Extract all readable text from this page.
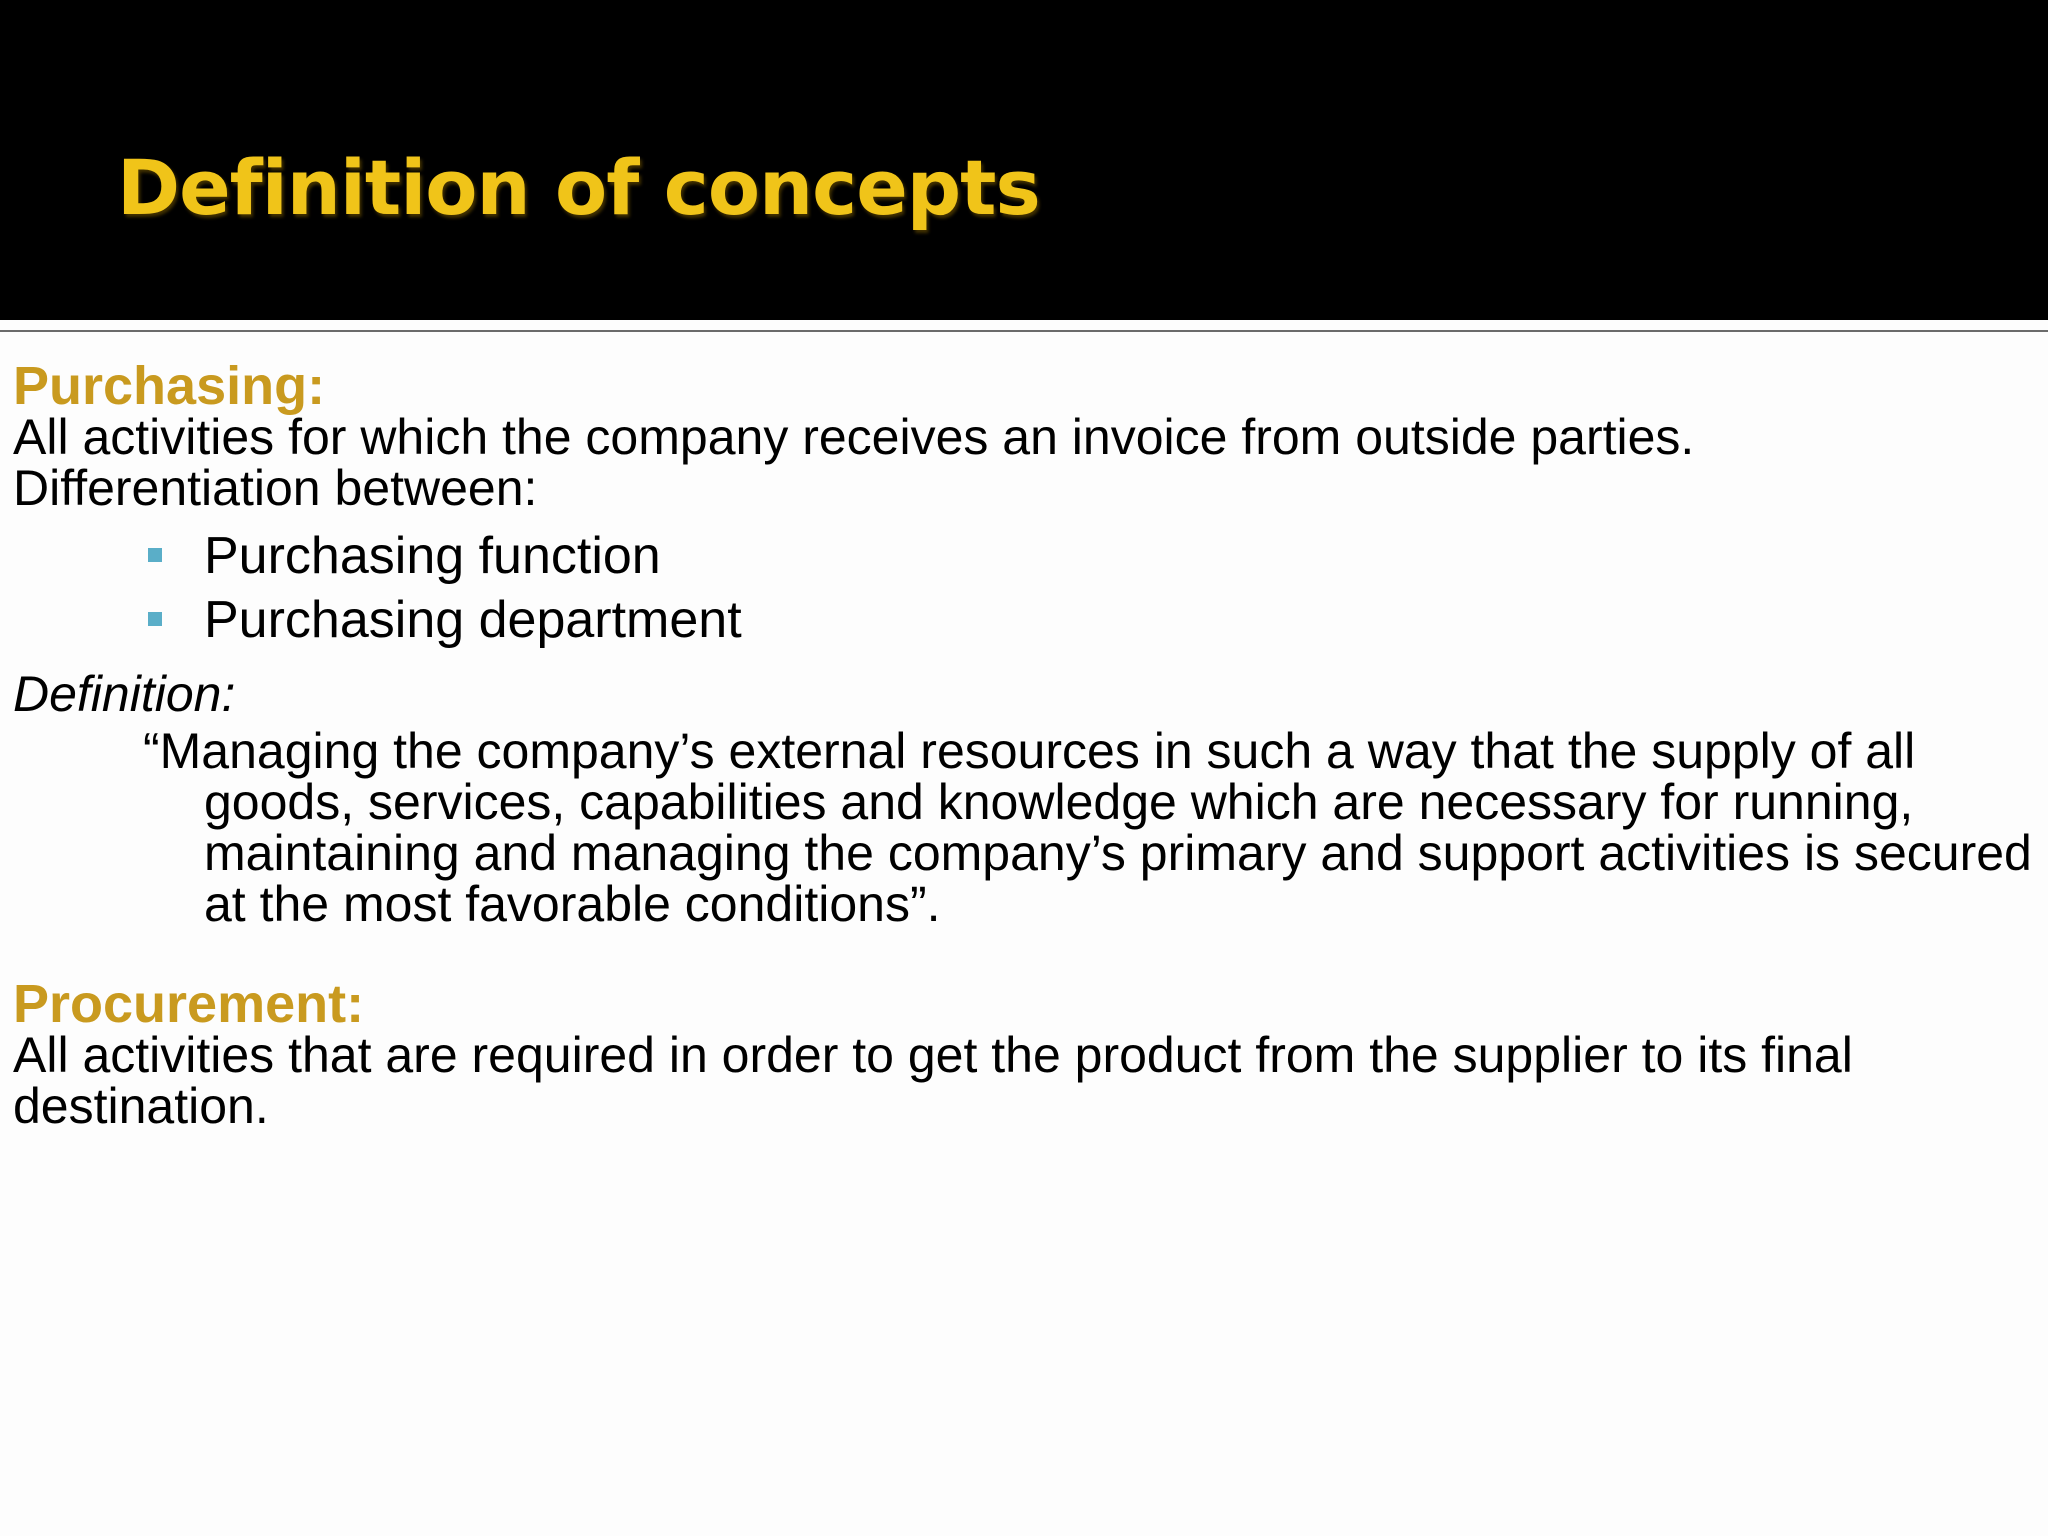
Definition of concepts
Purchasing:
All activities for which the company receives an invoice from outside parties.
Differentiation between:
Purchasing function
Purchasing department
Definition:
“Managing the company’s external resources in such a way that the supply of all goods, services, capabilities and knowledge which are necessary for running, maintaining and managing the company’s primary and support activities is secured at the most favorable conditions”.
Procurement:
All activities that are required in order to get the product from the supplier to its final destination.
